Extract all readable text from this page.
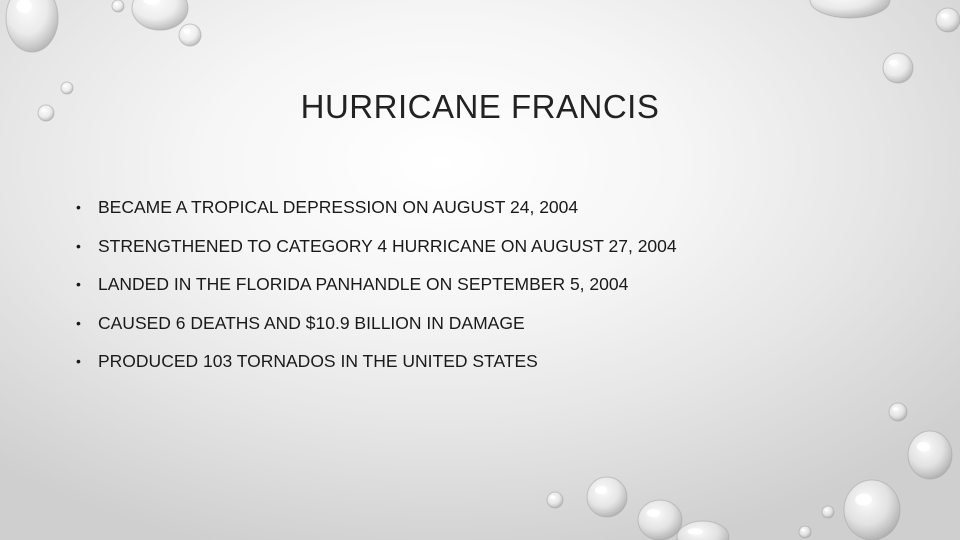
HURRICANE FRANCIS
• BECAME A TROPICAL DEPRESSION ON AUGUST 24, 2004
• STRENGTHENED TO CATEGORY 4 HURRICANE ON AUGUST 27, 2004
• LANDED IN THE FLORIDA PANHANDLE ON SEPTEMBER 5, 2004
• CAUSED 6 DEATHS AND $10.9 BILLION IN DAMAGE
• PRODUCED 103 TORNADOS IN THE UNITED STATES
